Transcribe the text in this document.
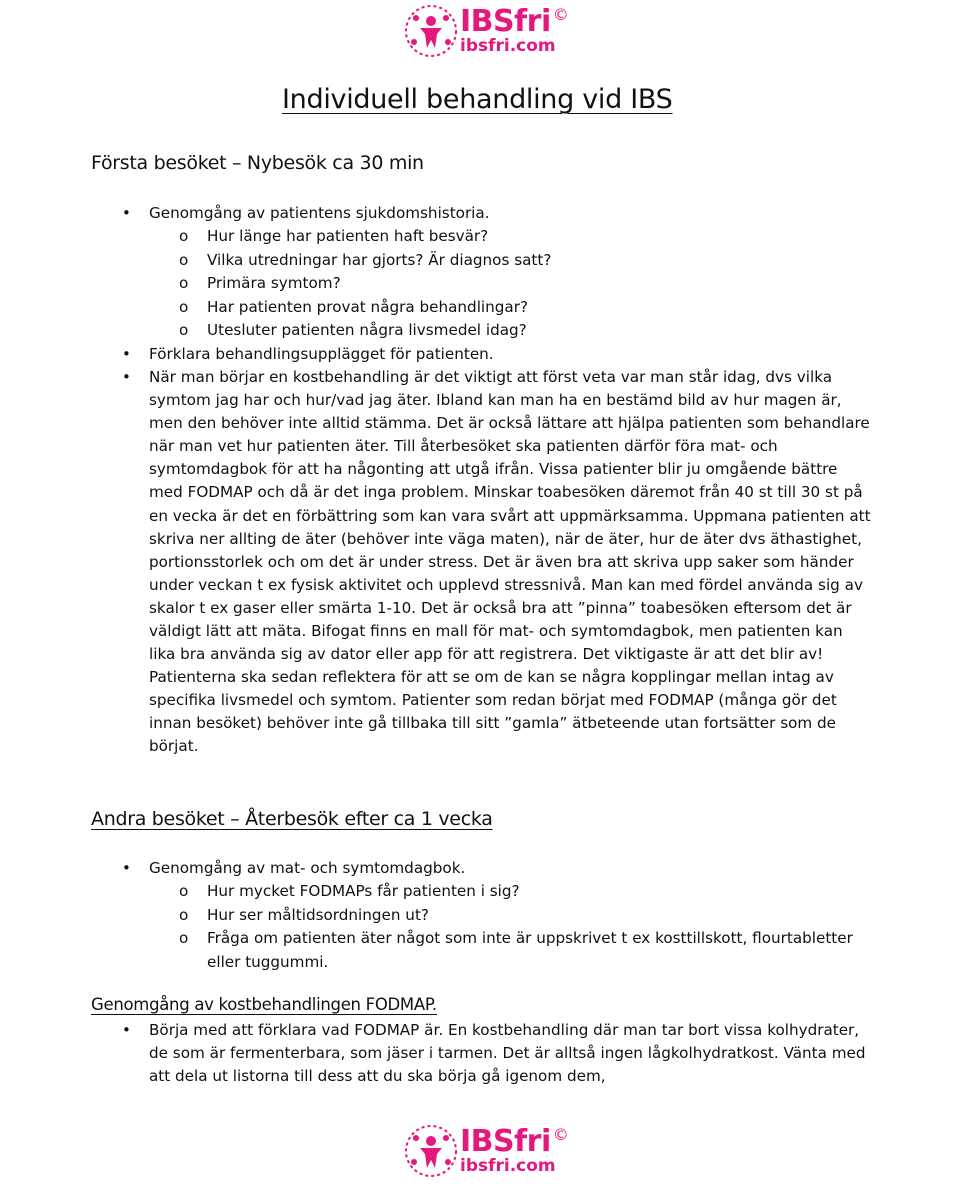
IBSfri ©
ibsfri.com
Individuell behandling vid IBS
Första besöket – Nybesök ca 30 min
• Genomgång av patientens sjukdomshistoria.
o Hur länge har patienten haft besvär?
o Vilka utredningar har gjorts? Är diagnos satt?
o Primära symtom?
o Har patienten provat några behandlingar?
o Utesluter patienten några livsmedel idag?
• Förklara behandlingsupplägget för patienten.
• När man börjar en kostbehandling är det viktigt att först veta var man står idag, dvs vilka symtom jag har och hur/vad jag äter. Ibland kan man ha en bestämd bild av hur magen är, men den behöver inte alltid stämma. Det är också lättare att hjälpa patienten som behandlare när man vet hur patienten äter. Till återbesöket ska patienten därför föra mat- och symtomdagbok för att ha någonting att utgå ifrån. Vissa patienter blir ju omgående bättre med FODMAP och då är det inga problem. Minskar toabesöken däremot från 40 st till 30 st på en vecka är det en förbättring som kan vara svårt att uppmärksamma. Uppmana patienten att skriva ner allting de äter (behöver inte väga maten), när de äter, hur de äter dvs äthastighet, portionsstorlek och om det är under stress. Det är även bra att skriva upp saker som händer under veckan t ex fysisk aktivitet och upplevd stressnivå. Man kan med fördel använda sig av skalor t ex gaser eller smärta 1-10. Det är också bra att ”pinna” toabesöken eftersom det är väldigt lätt att mäta. Bifogat finns en mall för mat- och symtomdagbok, men patienten kan lika bra använda sig av dator eller app för att registrera. Det viktigaste är att det blir av! Patienterna ska sedan reflektera för att se om de kan se några kopplingar mellan intag av specifika livsmedel och symtom. Patienter som redan börjat med FODMAP (många gör det innan besöket) behöver inte gå tillbaka till sitt ”gamla” ätbeteende utan fortsätter som de börjat.
Andra besöket – Återbesök efter ca 1 vecka
• Genomgång av mat- och symtomdagbok.
o Hur mycket FODMAPs får patienten i sig?
o Hur ser måltidsordningen ut?
o Fråga om patienten äter något som inte är uppskrivet t ex kosttillskott, flourtabletter eller tuggummi.
Genomgång av kostbehandlingen FODMAP.
• Börja med att förklara vad FODMAP är. En kostbehandling där man tar bort vissa kolhydrater, de som är fermenterbara, som jäser i tarmen. Det är alltså ingen lågkolhydratkost. Vänta med att dela ut listorna till dess att du ska börja gå igenom dem,
IBSfri ©
ibsfri.com
